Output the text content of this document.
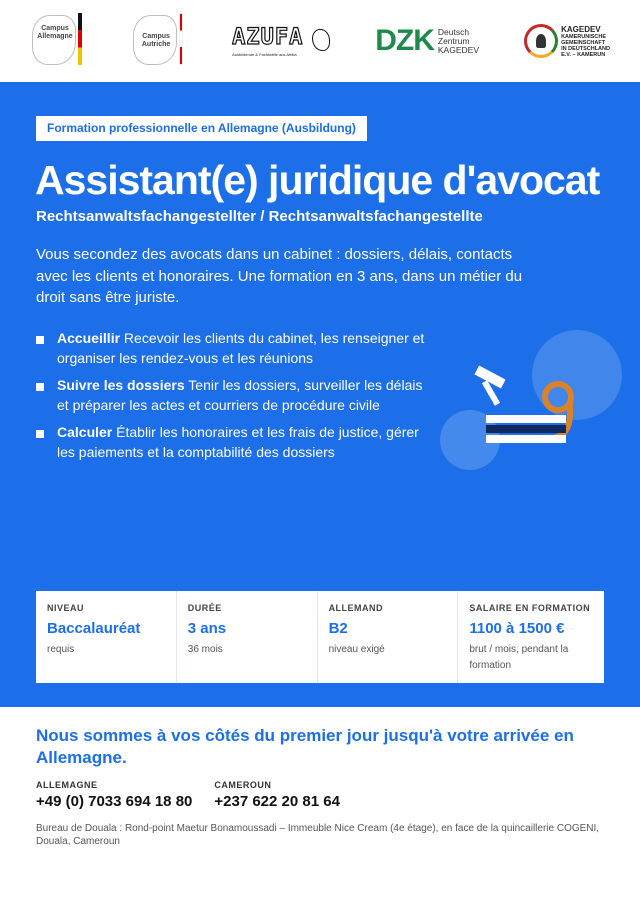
Campus Allemagne	Campus Autriche	AZUFA
Ausbildende & Fachkräfte aus Afrika	DZK Deutsch
Zentrum
KAGEDEV
KAGEDEV
KAMERUNISCHE
GEMEINSCHAFT
IN DEUTSCHLAND
E.V. – KAMERUN
Formation professionnelle en Allemagne (Ausbildung)
Assistant(e) juridique d'avocat
Rechtsanwaltsfachangestellter / Rechtsanwaltsfachangestellte

Vous secondez des avocats dans un cabinet : dossiers, délais, contacts avec les clients et honoraires. Une formation en 3 ans, dans un métier du droit sans être juriste.

Accueillir Recevoir les clients du cabinet, les renseigner et organiser les rendez-vous et les réunions
Suivre les dossiers Tenir les dossiers, surveiller les délais et préparer les actes et courriers de procédure civile
Calculer Établir les honoraires et les frais de justice, gérer les paiements et la comptabilité des dossiers
NIVEAU
Baccalauréat
requis
DURÉE
3 ans
36 mois
ALLEMAND
B2
niveau exigé
SALAIRE EN FORMATION
1100 à 1500 €
brut / mois, pendant la formation
Nous sommes à vos côtés du premier jour jusqu'à votre arrivée en Allemagne.
ALLEMAGNE
+49 (0) 7033 694 18 80
CAMEROUN
+237 622 20 81 64
Bureau de Douala : Rond-point Maetur Bonamoussadi – Immeuble Nice Cream (4e étage), en face de la quincaillerie COGENI, Douala, Cameroun
